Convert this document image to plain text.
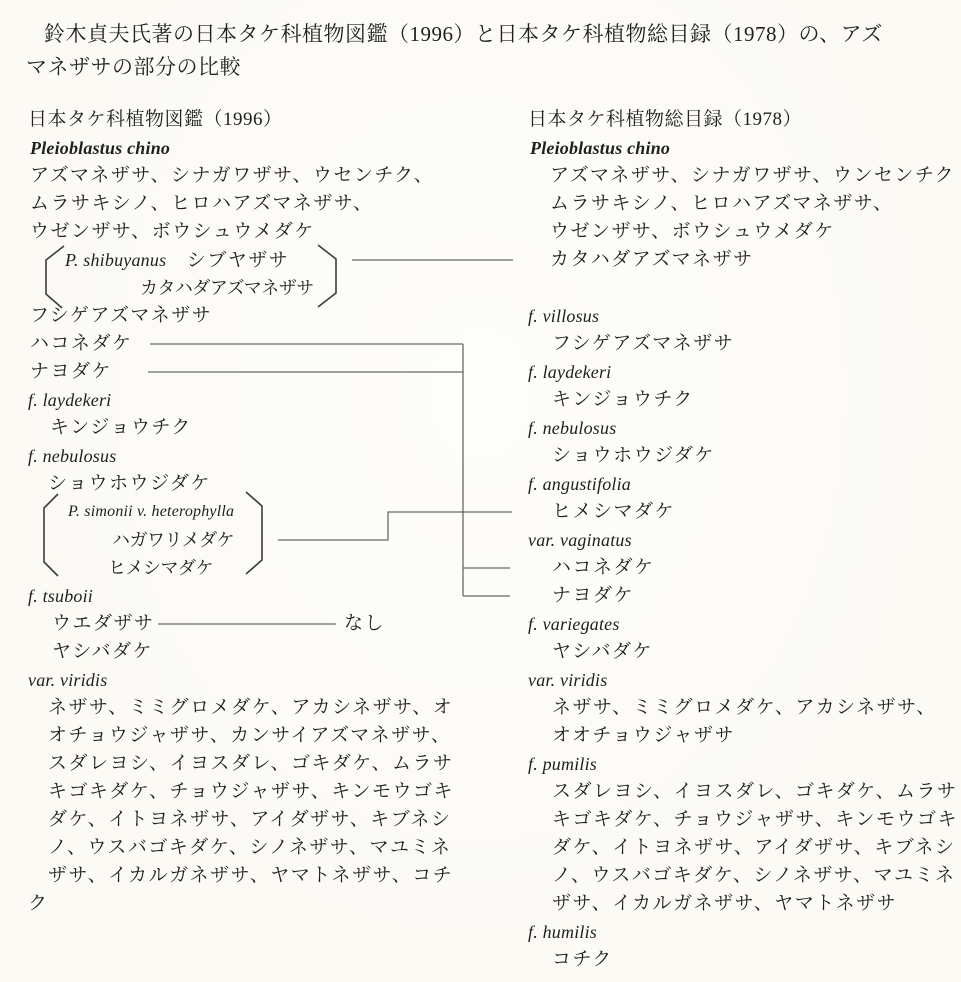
鈴木貞夫氏著の日本タケ科植物図鑑（1996）と日本タケ科植物総目録（1978）の、アズ
マネザサの部分の比較
日本タケ科植物図鑑（1996）
Pleioblastus chino
アズマネザサ、シナガワザサ、ウセンチク、
ムラサキシノ、ヒロハアズマネザサ、
ウゼンザサ、ボウシュウメダケ
P. shibuyanus　シブヤザサ
カタハダアズマネザサ
フシゲアズマネザサ
ハコネダケ
ナヨダケ
f. laydekeri
キンジョウチク
f. nebulosus
ショウホウジダケ
P. simonii v. heterophylla
ハガワリメダケ
ヒメシマダケ
f. tsuboii
ウエダザサ
ヤシバダケ
var. viridis
ネザサ、ミミグロメダケ、アカシネザサ、オ
オチョウジャザサ、カンサイアズマネザサ、
スダレヨシ、イヨスダレ、ゴキダケ、ムラサ
キゴキダケ、チョウジャザサ、キンモウゴキ
ダケ、イトヨネザサ、アイダザサ、キブネシ
ノ、ウスバゴキダケ、シノネザサ、マユミネ
ザサ、イカルガネザサ、ヤマトネザサ、コチ
ク
日本タケ科植物総目録（1978）
Pleioblastus chino
アズマネザサ、シナガワザサ、ウンセンチク
ムラサキシノ、ヒロハアズマネザサ、
ウゼンザサ、ボウシュウメダケ
カタハダアズマネザサ
f. villosus
フシゲアズマネザサ
f. laydekeri
キンジョウチク
f. nebulosus
ショウホウジダケ
f. angustifolia
ヒメシマダケ
var. vaginatus
ハコネダケ
ナヨダケ
f. variegates
ヤシバダケ
var. viridis
ネザサ、ミミグロメダケ、アカシネザサ、
オオチョウジャザサ
f. pumilis
スダレヨシ、イヨスダレ、ゴキダケ、ムラサ
キゴキダケ、チョウジャザサ、キンモウゴキ
ダケ、イトヨネザサ、アイダザサ、キブネシ
ノ、ウスバゴキダケ、シノネザサ、マユミネ
ザサ、イカルガネザサ、ヤマトネザサ
f. humilis
コチク
なし
